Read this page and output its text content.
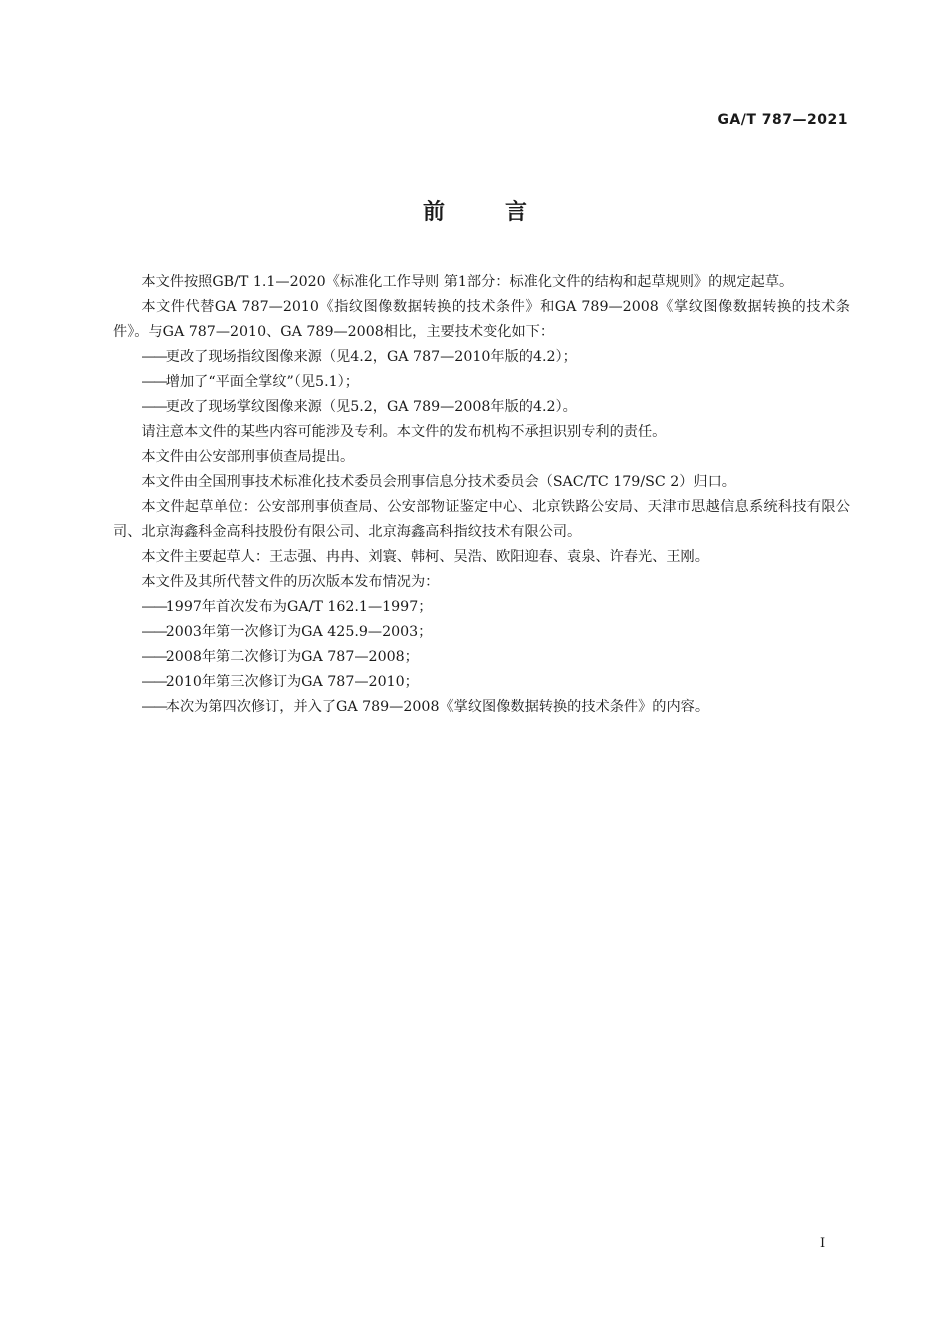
GA/T 787—2021
前言

本文件按照GB/T 1.1—2020《标准化工作导则 第1部分：标准化文件的结构和起草规则》的规定起草。

本文件代替GA 787—2010《指纹图像数据转换的技术条件》和GA 789—2008《掌纹图像数据转换的技术条件》。与GA 787—2010、GA 789—2008相比，主要技术变化如下：

——更改了现场指纹图像来源（见4.2，GA 787—2010年版的4.2）；

——增加了“平面全掌纹”（见5.1）；

——更改了现场掌纹图像来源（见5.2，GA 789—2008年版的4.2）。

请注意本文件的某些内容可能涉及专利。本文件的发布机构不承担识别专利的责任。

本文件由公安部刑事侦查局提出。

本文件由全国刑事技术标准化技术委员会刑事信息分技术委员会（SAC/TC 179/SC 2）归口。

本文件起草单位：公安部刑事侦查局、公安部物证鉴定中心、北京铁路公安局、天津市思越信息系统科技有限公司、北京海鑫科金高科技股份有限公司、北京海鑫高科指纹技术有限公司。

本文件主要起草人：王志强、冉冉、刘寰、韩柯、吴浩、欧阳迎春、袁泉、许春光、王刚。

本文件及其所代替文件的历次版本发布情况为：

——1997年首次发布为GA/T 162.1—1997；

——2003年第一次修订为GA 425.9—2003；

——2008年第二次修订为GA 787—2008；

——2010年第三次修订为GA 787—2010；

——本次为第四次修订，并入了GA 789—2008《掌纹图像数据转换的技术条件》的内容。

I
